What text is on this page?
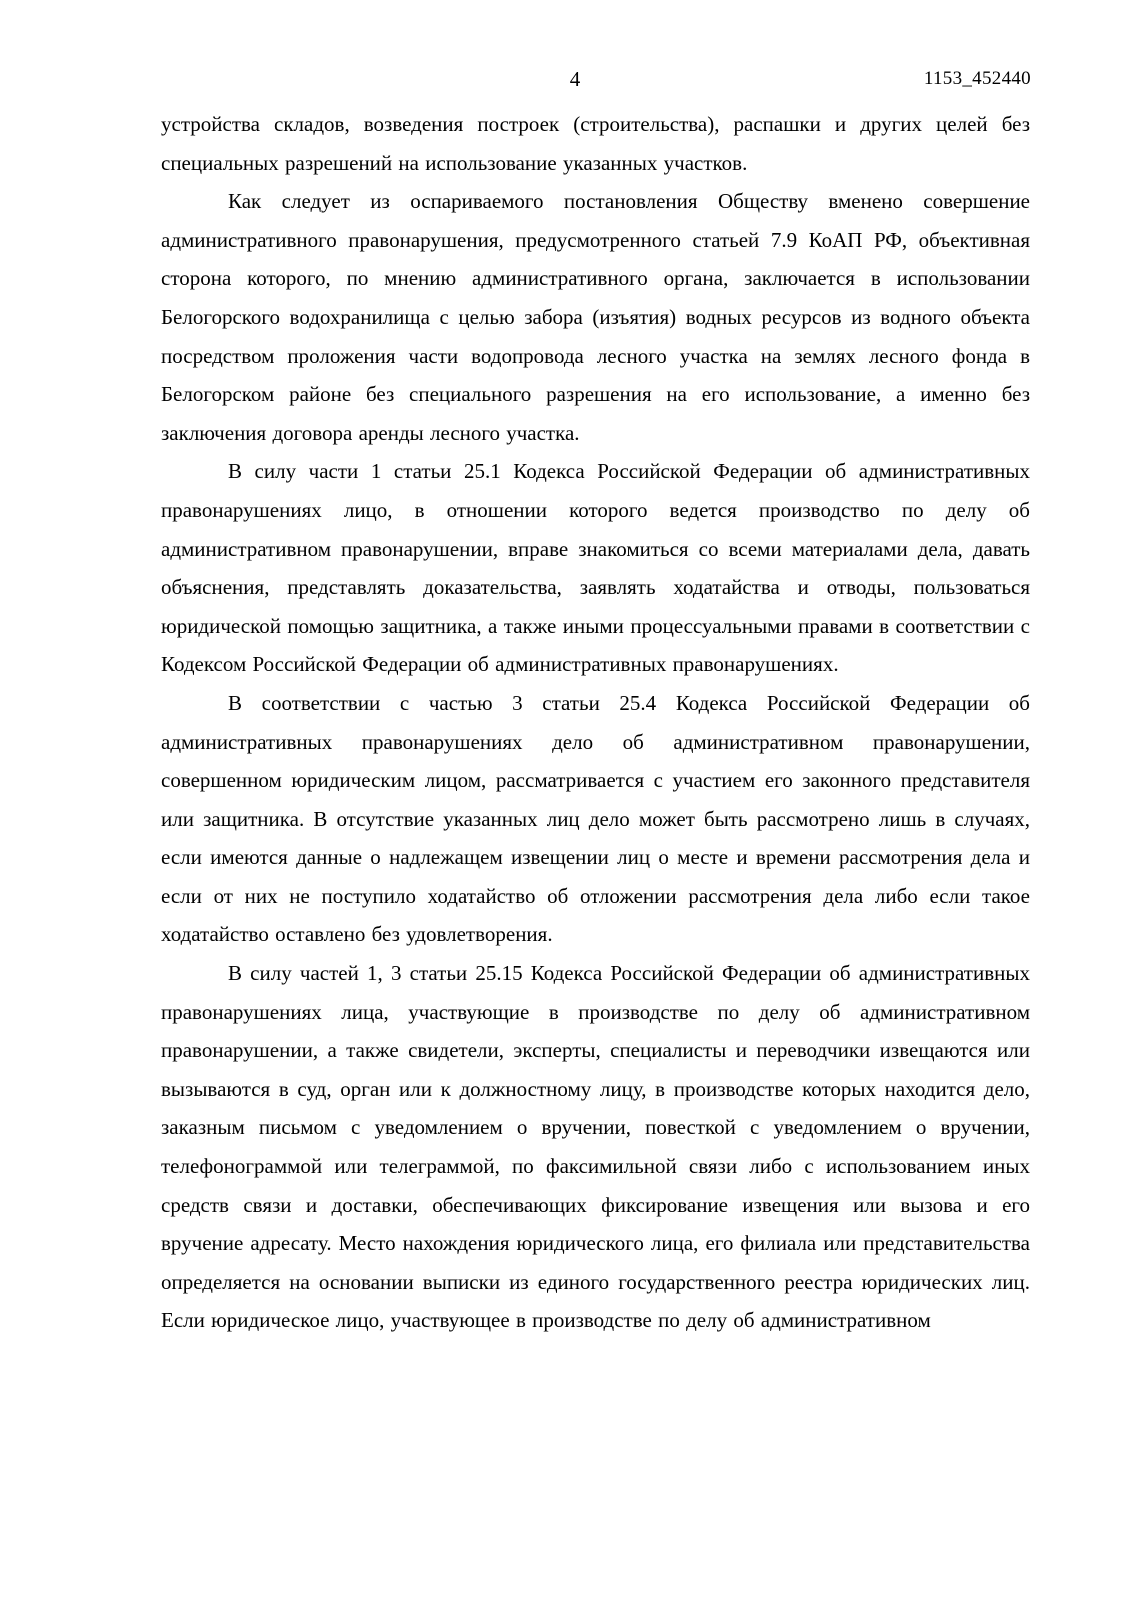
4	1153_452440

устройства складов, возведения построек (строительства), распашки и других целей без специальных разрешений на использование указанных участков.

Как следует из оспариваемого постановления Обществу вменено совершение административного правонарушения, предусмотренного статьей 7.9 КоАП РФ, объективная сторона которого, по мнению административного органа, заключается в использовании Белогорского водохранилища с целью забора (изъятия) водных ресурсов из водного объекта посредством проложения части водопровода лесного участка на землях лесного фонда в Белогорском районе без специального разрешения на его использование, а именно без заключения договора аренды лесного участка.

В силу части 1 статьи 25.1 Кодекса Российской Федерации об административных правонарушениях лицо, в отношении которого ведется производство по делу об административном правонарушении, вправе знакомиться со всеми материалами дела, давать объяснения, представлять доказательства, заявлять ходатайства и отводы, пользоваться юридической помощью защитника, а также иными процессуальными правами в соответствии с Кодексом Российской Федерации об административных правонарушениях.

В соответствии с частью 3 статьи 25.4 Кодекса Российской Федерации об административных правонарушениях дело об административном правонарушении, совершенном юридическим лицом, рассматривается с участием его законного представителя или защитника. В отсутствие указанных лиц дело может быть рассмотрено лишь в случаях, если имеются данные о надлежащем извещении лиц о месте и времени рассмотрения дела и если от них не поступило ходатайство об отложении рассмотрения дела либо если такое ходатайство оставлено без удовлетворения.

В силу частей 1, 3 статьи 25.15 Кодекса Российской Федерации об административных правонарушениях лица, участвующие в производстве по делу об административном правонарушении, а также свидетели, эксперты, специалисты и переводчики извещаются или вызываются в суд, орган или к должностному лицу, в производстве которых находится дело, заказным письмом с уведомлением о вручении, повесткой с уведомлением о вручении, телефонограммой или телеграммой, по факсимильной связи либо с использованием иных средств связи и доставки, обеспечивающих фиксирование извещения или вызова и его вручение адресату. Место нахождения юридического лица, его филиала или представительства определяется на основании выписки из единого государственного реестра юридических лиц. Если юридическое лицо, участвующее в производстве по делу об административном
